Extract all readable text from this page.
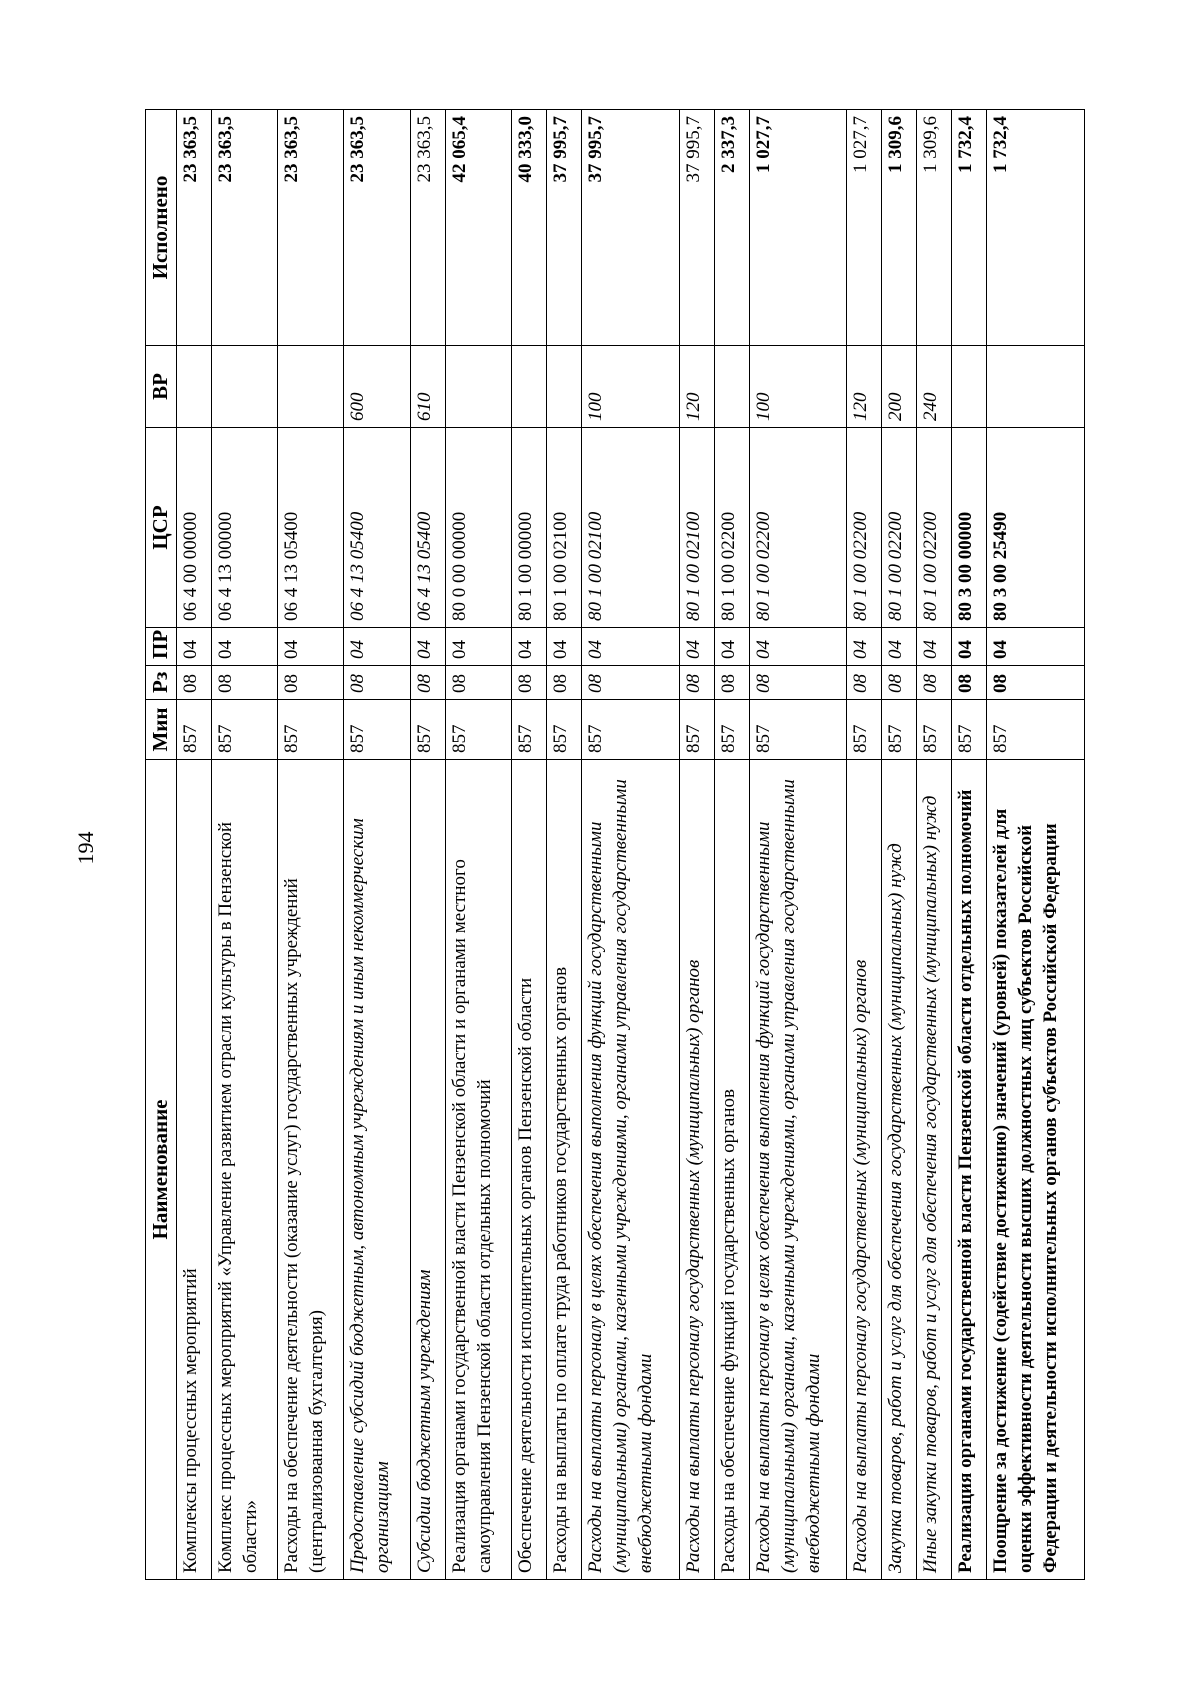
194
Наименование	Мин	Рз	ПР	ЦСР	ВР	Исполнено
Комплексы процессных мероприятий	857	08	04	06 4 00 00000		23 363,5
Комплекс процессных мероприятий «Управление развитием отрасли культуры в Пензенской области»	857	08	04	06 4 13 00000		23 363,5
Расходы на обеспечение деятельности (оказание услуг) государственных учреждений (централизованная бухгалтерия)	857	08	04	06 4 13 05400		23 363,5
Предоставление субсидий бюджетным, автономным учреждениям и иным некоммерческим организациям	857	08	04	06 4 13 05400	600	23 363,5
Субсидии бюджетным учреждениям	857	08	04	06 4 13 05400	610	23 363,5
Реализация органами государственной власти Пензенской области и органами местного самоуправления Пензенской области отдельных полномочий	857	08	04	80 0 00 00000		42 065,4
Обеспечение деятельности исполнительных органов Пензенской области	857	08	04	80 1 00 00000		40 333,0
Расходы на выплаты по оплате труда работников государственных органов	857	08	04	80 1 00 02100		37 995,7
Расходы на выплаты персоналу в целях обеспечения выполнения функций государственными (муниципальными) органами, казенными учреждениями, органами управления государственными внебюджетными фондами	857	08	04	80 1 00 02100	100	37 995,7
Расходы на выплаты персоналу государственных (муниципальных) органов	857	08	04	80 1 00 02100	120	37 995,7
Расходы на обеспечение функций государственных органов	857	08	04	80 1 00 02200		2 337,3
Расходы на выплаты персоналу в целях обеспечения выполнения функций государственными (муниципальными) органами, казенными учреждениями, органами управления государственными внебюджетными фондами	857	08	04	80 1 00 02200	100	1 027,7
Расходы на выплаты персоналу государственных (муниципальных) органов	857	08	04	80 1 00 02200	120	1 027,7
Закупка товаров, работ и услуг для обеспечения государственных (муниципальных) нужд	857	08	04	80 1 00 02200	200	1 309,6
Иные закупки товаров, работ и услуг для обеспечения государственных (муниципальных) нужд	857	08	04	80 1 00 02200	240	1 309,6
Реализация органами государственной власти Пензенской области отдельных полномочий	857	08	04	80 3 00 00000		1 732,4
Поощрение за достижение (содействие достижению) значений (уровней) показателей для оценки эффективности деятельности высших должностных лиц субъектов Российской Федерации и деятельности исполнительных органов субъектов Российской Федерации	857	08	04	80 3 00 25490		1 732,4
